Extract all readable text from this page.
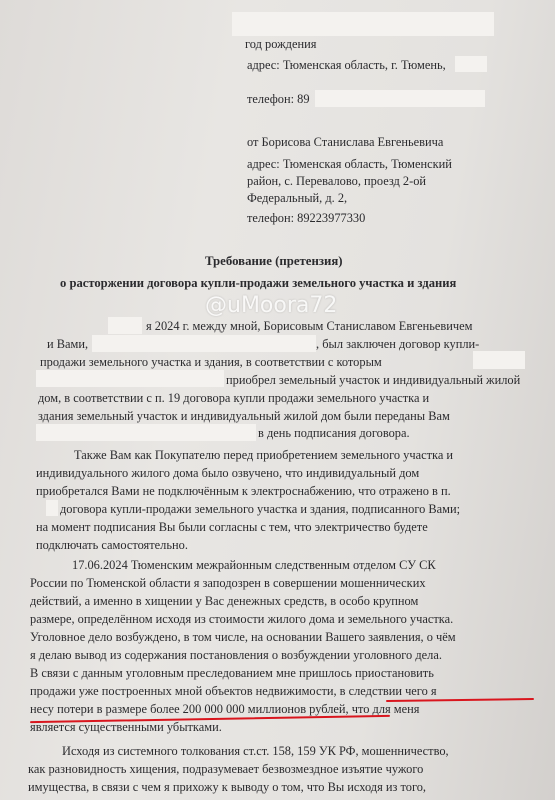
год рождения
адрес: Тюменская область, г. Тюмень,
телефон: 89
от Борисова Станислава Евгеньевича
адрес: Тюменская область, Тюменский
район, с. Перевалово, проезд 2-ой
Федеральный, д. 2,
телефон: 89223977330
Требование (претензия)
о расторжении договора купли-продажи земельного участка и здания
@uMoora72
я 2024 г. между мной, Борисовым Станиславом Евгеньевичем
и Вами,	, был заключен договор купли-
продажи земельного участка и здания, в соответствии с которым
приобрел земельный участок и индивидуальный жилой
дом, в соответствии с п. 19 договора купли продажи земельного участка и
здания земельный участок и индивидуальный жилой дом были переданы Вам
в день подписания договора.
Также Вам как Покупателю перед приобретением земельного участка и
индивидуального жилого дома было озвучено, что индивидуальный дом
приобретался Вами не подключённым к электроснабжению, что отражено в п.
договора купли-продажи земельного участка и здания, подписанного Вами;
на момент подписания Вы были согласны с тем, что электричество будете
подключать самостоятельно.
17.06.2024 Тюменским межрайонным следственным отделом СУ СК
России по Тюменской области я заподозрен в совершении мошеннических
действий, а именно в хищении у Вас денежных средств, в особо крупном
размере, определённом исходя из стоимости жилого дома и земельного участка.
Уголовное дело возбуждено, в том числе, на основании Вашего заявления, о чём
я делаю вывод из содержания постановления о возбуждении уголовного дела.
В связи с данным уголовным преследованием мне пришлось приостановить
продажи уже построенных мной объектов недвижимости, в следствии чего я
несу потери в размере более 200 000 000 миллионов рублей, что для меня
является существенными убытками.
Исходя из системного толкования ст.ст. 158, 159 УК РФ, мошенничество,
как разновидность хищения, подразумевает безвозмездное изъятие чужого
имущества, в связи с чем я прихожу к выводу о том, что Вы исходя из того,
